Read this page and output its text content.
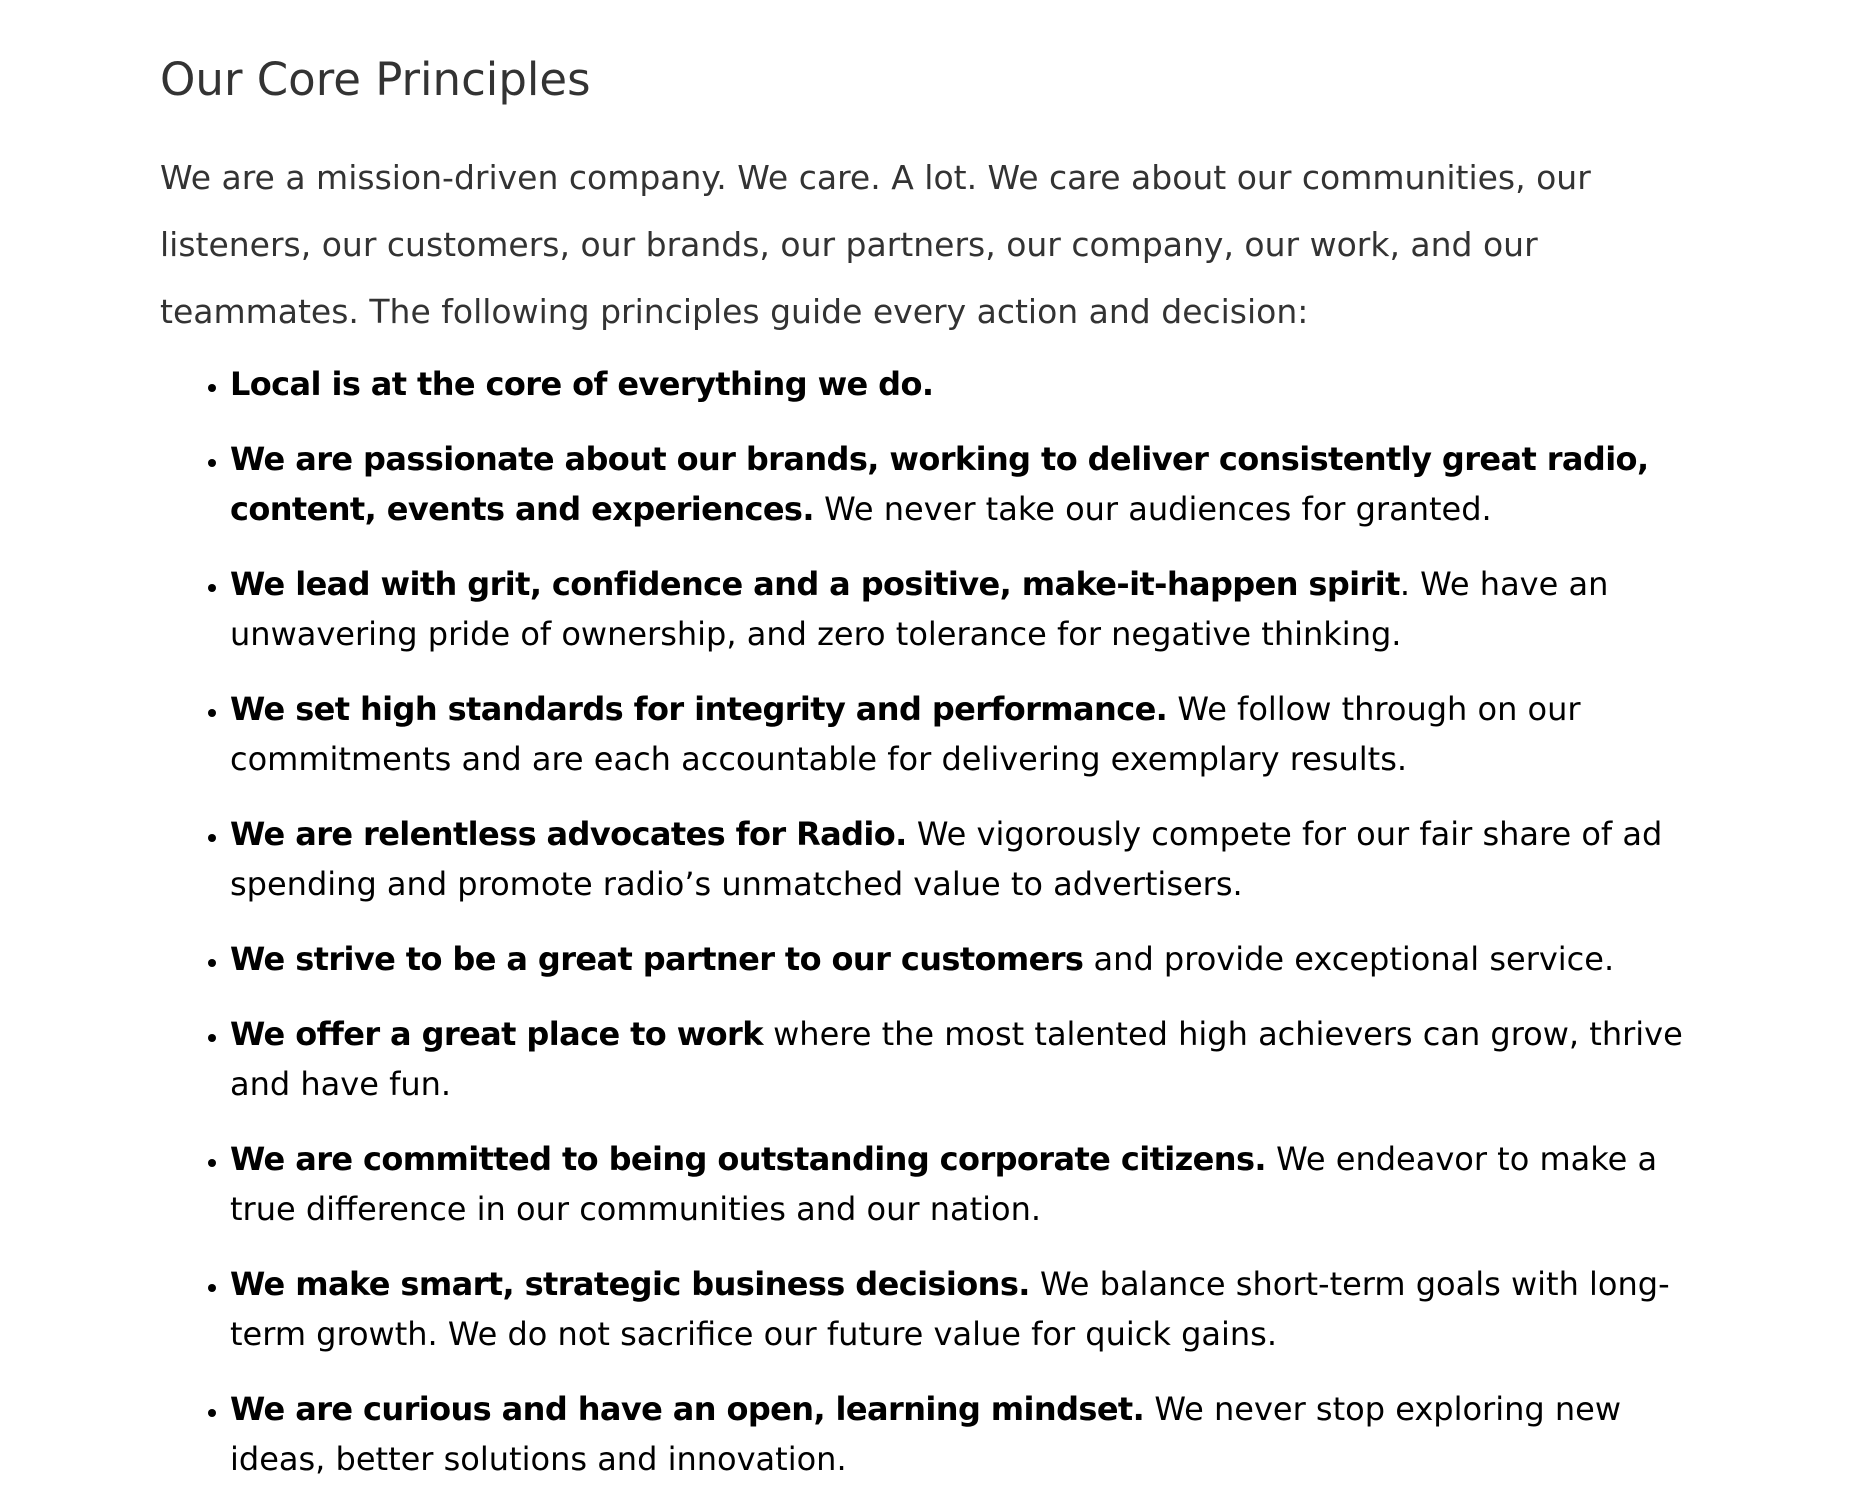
Our Core Principles

We are a mission-driven company. We care. A lot. We care about our communities, our listeners, our customers, our brands, our partners, our company, our work, and our teammates. The following principles guide every action and decision:

• Local is at the core of everything we do.
• We are passionate about our brands, working to deliver consistently great radio, content, events and experiences. We never take our audiences for granted.
• We lead with grit, confidence and a positive, make-it-happen spirit. We have an unwavering pride of ownership, and zero tolerance for negative thinking.
• We set high standards for integrity and performance. We follow through on our commitments and are each accountable for delivering exemplary results.
• We are relentless advocates for Radio. We vigorously compete for our fair share of ad spending and promote radio’s unmatched value to advertisers.
• We strive to be a great partner to our customers and provide exceptional service.
• We offer a great place to work where the most talented high achievers can grow, thrive and have fun.
• We are committed to being outstanding corporate citizens. We endeavor to make a true difference in our communities and our nation.
• We make smart, strategic business decisions. We balance short-term goals with long-term growth. We do not sacrifice our future value for quick gains.
• We are curious and have an open, learning mindset. We never stop exploring new ideas, better solutions and innovation.
